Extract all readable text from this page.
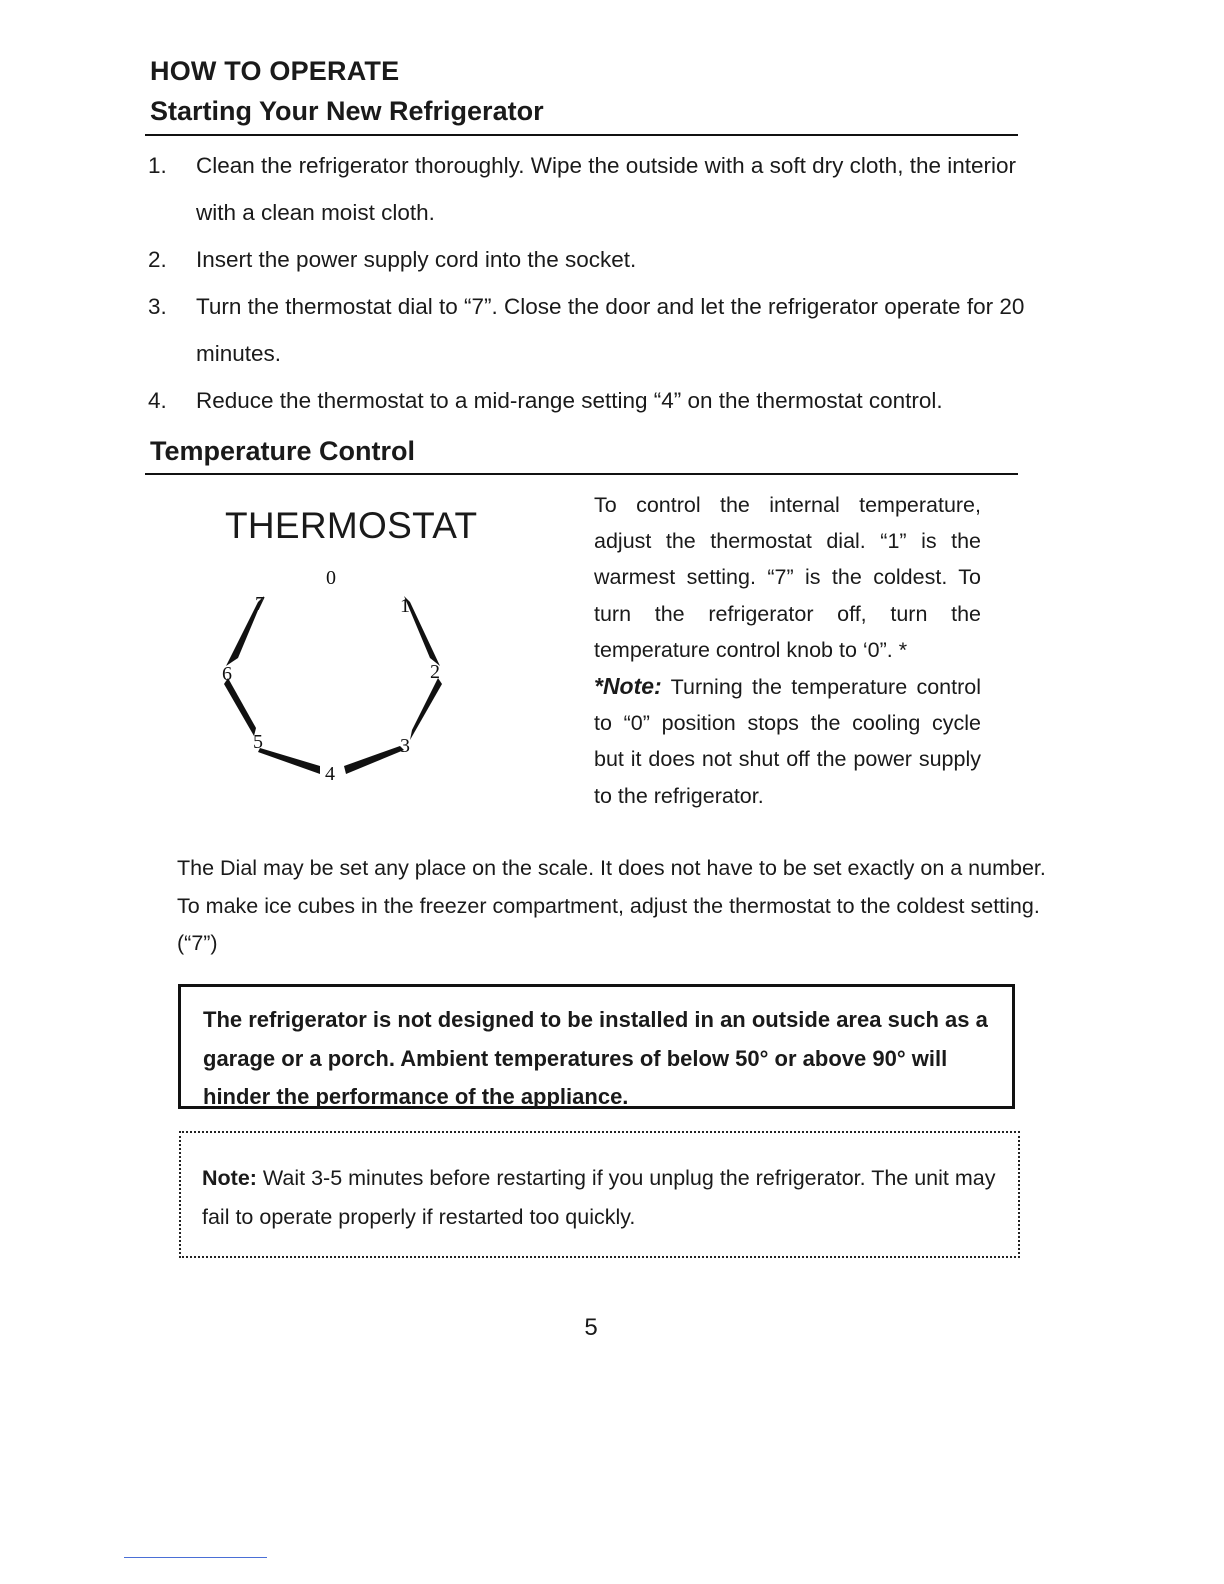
HOW TO OPERATE
Starting Your New Refrigerator
1.	Clean the refrigerator thoroughly. Wipe the outside with a soft dry cloth, the interior with a clean moist cloth.
2.	Insert the power supply cord into the socket.
3.	Turn the thermostat dial to “7”. Close the door and let the refrigerator operate for 20 minutes.
4.	Reduce the thermostat to a mid-range setting “4” on the thermostat control.
Temperature Control
THERMOSTAT
0
1
2
3
4
5
6
7
To control the internal temperature, adjust the thermostat dial. “1” is the warmest setting. “7” is the coldest. To turn the refrigerator off, turn the temperature control knob to ‘0”. *
*Note: Turning the temperature control to “0” position stops the cooling cycle but it does not shut off the power supply to the refrigerator.
The Dial may be set any place on the scale. It does not have to be set exactly on a number. To make ice cubes in the freezer compartment, adjust the thermostat to the coldest setting. (“7”)
The refrigerator is not designed to be installed in an outside area such as a garage or a porch. Ambient temperatures of below 50° or above 90° will hinder the performance of the appliance.
Note: Wait 3-5 minutes before restarting if you unplug the refrigerator. The unit may fail to operate properly if restarted too quickly.
5
